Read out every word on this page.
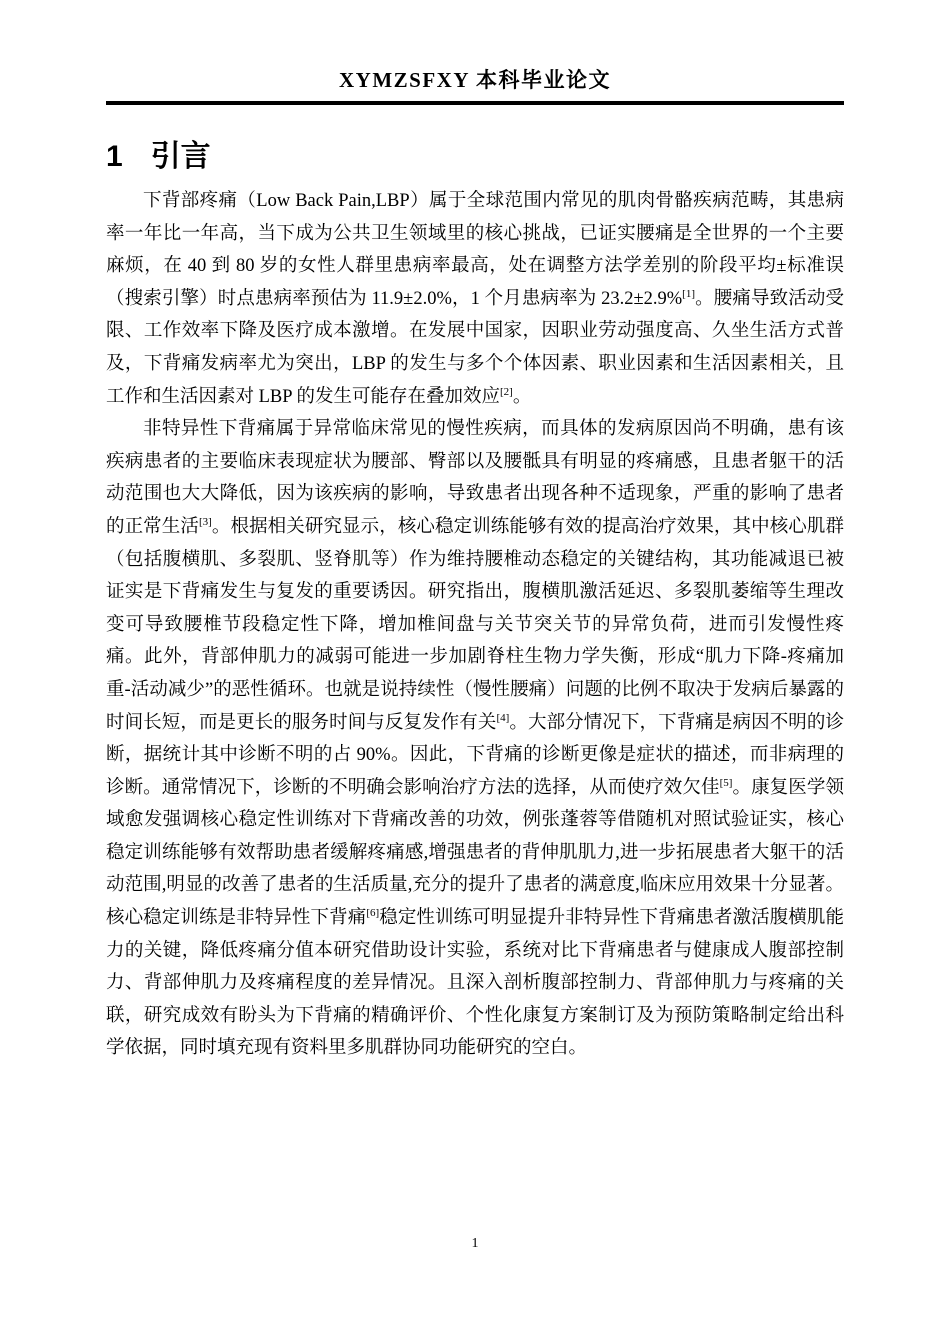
XYMZSFXY 本科毕业论文
1 引言

下背部疼痛（Low Back Pain,LBP）属于全球范围内常见的肌肉骨骼疾病范畴，其患病率一年比一年高，当下成为公共卫生领域里的核心挑战，已证实腰痛是全世界的一个主要麻烦，在 40 到 80 岁的女性人群里患病率最高，处在调整方法学差别的阶段平均±标准误（搜索引擎）时点患病率预估为 11.9±2.0%，1 个月患病率为 23.2±2.9%[1]。腰痛导致活动受限、工作效率下降及医疗成本激增。在发展中国家，因职业劳动强度高、久坐生活方式普及，下背痛发病率尤为突出，LBP 的发生与多个个体因素、职业因素和生活因素相关，且工作和生活因素对 LBP 的发生可能存在叠加效应[2]。

非特异性下背痛属于异常临床常见的慢性疾病，而具体的发病原因尚不明确，患有该疾病患者的主要临床表现症状为腰部、臀部以及腰骶具有明显的疼痛感，且患者躯干的活动范围也大大降低，因为该疾病的影响，导致患者出现各种不适现象，严重的影响了患者的正常生活[3]。根据相关研究显示，核心稳定训练能够有效的提高治疗效果，其中核心肌群（包括腹横肌、多裂肌、竖脊肌等）作为维持腰椎动态稳定的关键结构，其功能减退已被证实是下背痛发生与复发的重要诱因。研究指出，腹横肌激活延迟、多裂肌萎缩等生理改变可导致腰椎节段稳定性下降，增加椎间盘与关节突关节的异常负荷，进而引发慢性疼痛。此外，背部伸肌力的减弱可能进一步加剧脊柱生物力学失衡，形成“肌力下降-疼痛加重-活动减少”的恶性循环。也就是说持续性（慢性腰痛）问题的比例不取决于发病后暴露的时间长短，而是更长的服务时间与反复发作有关[4]。大部分情况下，下背痛是病因不明的诊断，据统计其中诊断不明的占 90%。因此，下背痛的诊断更像是症状的描述，而非病理的诊断。通常情况下，诊断的不明确会影响治疗方法的选择，从而使疗效欠佳[5]。康复医学领域愈发强调核心稳定性训练对下背痛改善的功效，例张蓬蓉等借随机对照试验证实，核心稳定训练能够有效帮助患者缓解疼痛感,增强患者的背伸肌肌力,进一步拓展患者大躯干的活动范围,明显的改善了患者的生活质量,充分的提升了患者的满意度,临床应用效果十分显著。核心稳定训练是非特异性下背痛[6]稳定性训练可明显提升非特异性下背痛患者激活腹横肌能力的关键，降低疼痛分值本研究借助设计实验，系统对比下背痛患者与健康成人腹部控制力、背部伸肌力及疼痛程度的差异情况。且深入剖析腹部控制力、背部伸肌力与疼痛的关联，研究成效有盼头为下背痛的精确评价、个性化康复方案制订及为预防策略制定给出科学依据，同时填充现有资料里多肌群协同功能研究的空白。

1
